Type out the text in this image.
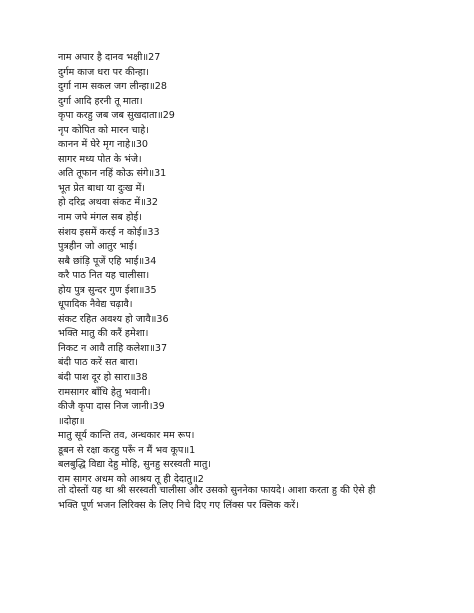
नाम अपार है दानव भक्षी॥27
दुर्गम काज धरा पर कीन्हा।
दुर्गा नाम सकल जग लीन्हा॥28
दुर्गा आदि हरनी तू माता।
कृपा करहु जब जब सुखदाता॥29
नृप कोपित को मारन चाहे।
कानन में घेरे मृग नाहे॥30
सागर मध्य पोत के भंजे।
अति तूफान नहिं कोऊ संगे॥31
भूत प्रेत बाधा या दुःख में।
हो दरिद्र अथवा संकट में॥32
नाम जपे मंगल सब होई।
संशय इसमें करई न कोई॥33
पुत्रहीन जो आतुर भाई।
सबै छांड़ि पूजें एहि भाई॥34
करै पाठ नित यह चालीसा।
होय पुत्र सुन्दर गुण ईशा॥35
धूपादिक नैवेद्य चढ़ावै।
संकट रहित अवश्य हो जावै॥36
भक्ति मातु की करैं हमेशा।
निकट न आवै ताहि कलेशा॥37
बंदी पाठ करें सत बारा।
बंदी पाश दूर हो सारा॥38
रामसागर बाँधि हेतु भवानी।
कीजै कृपा दास निज जानी।39
॥दोहा॥
मातु सूर्य कान्ति तव, अन्धकार मम रूप।
डूबन से रक्षा करहु परूँ न मैं भव कूप॥1
बलबुद्धि विद्या देहु मोहि, सुनहु सरस्वती मातु।
राम सागर अधम को आश्रय तू ही देदातु॥2

तो दोस्तों यह था श्री सरस्वती चालीसा और उसको सुननेका फायदे। आशा करता हु की ऐसे ही

भक्ति पूर्ण भजन लिरिक्स के लिए निचे दिए गए लिंक्स पर क्लिक करें।
